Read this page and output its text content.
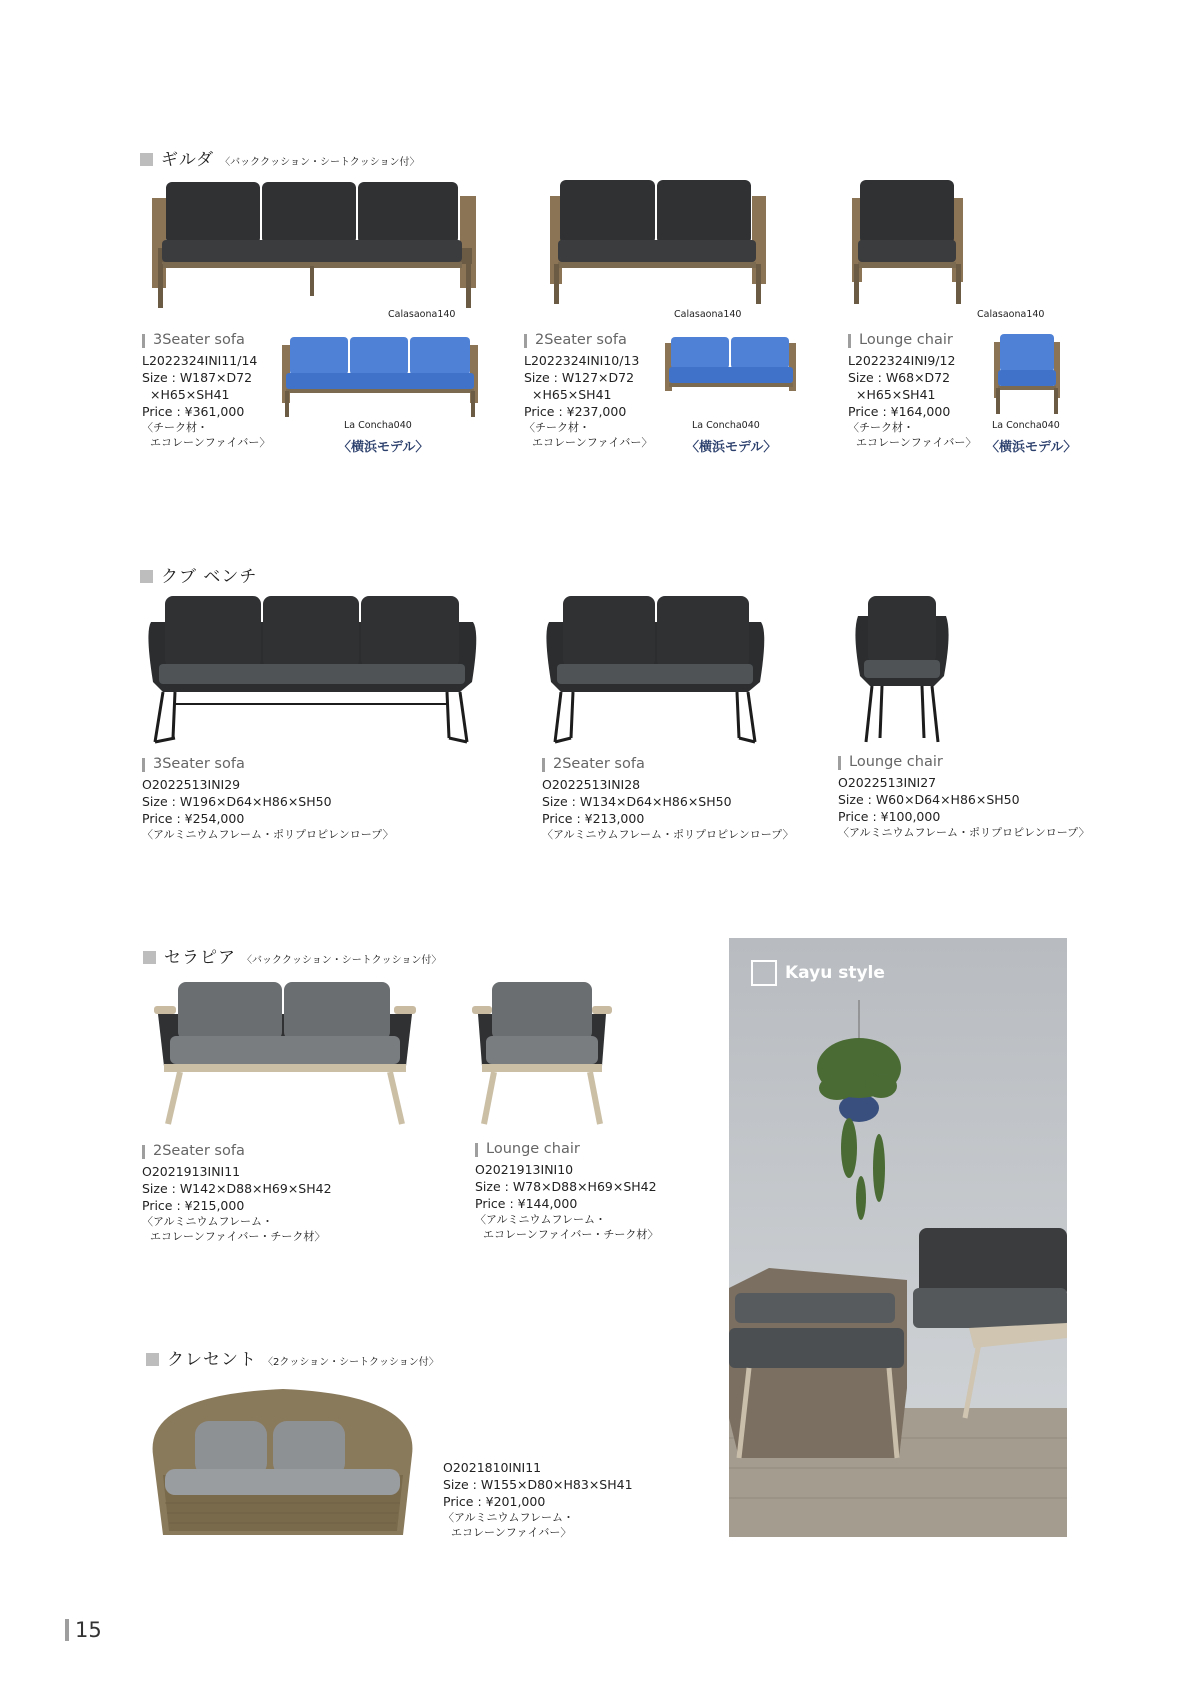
ギルダ 〈バッククッション・シートクッション付〉
Calasaona140	Calasaona140	Calasaona140
3Seater sofa
L2022324INI11/14
Size : W187×D72
×H65×SH41
Price : ¥361,000
〈チーク材・
エコレーンファイバー〉
2Seater sofa
L2022324INI10/13
Size : W127×D72
×H65×SH41
Price : ¥237,000
〈チーク材・
エコレーンファイバー〉
Lounge chair
L2022324INI9/12
Size : W68×D72
×H65×SH41
Price : ¥164,000
〈チーク材・
エコレーンファイバー〉
La Concha040	La Concha040	La Concha040
〈横浜モデル〉	〈横浜モデル〉	〈横浜モデル〉
クブ ベンチ
3Seater sofa
O2022513INI29
Size : W196×D64×H86×SH50
Price : ¥254,000
〈アルミニウムフレーム・ポリプロピレンロープ〉
2Seater sofa
O2022513INI28
Size : W134×D64×H86×SH50
Price : ¥213,000
〈アルミニウムフレーム・ポリプロピレンロープ〉
Lounge chair
O2022513INI27
Size : W60×D64×H86×SH50
Price : ¥100,000
〈アルミニウムフレーム・ポリプロピレンロープ〉
セラピア 〈バッククッション・シートクッション付〉
2Seater sofa
O2021913INI11
Size : W142×D88×H69×SH42
Price : ¥215,000
〈アルミニウムフレーム・
エコレーンファイバー・チーク材〉
Lounge chair
O2021913INI10
Size : W78×D88×H69×SH42
Price : ¥144,000
〈アルミニウムフレーム・
エコレーンファイバー・チーク材〉
クレセント 〈2クッション・シートクッション付〉
O2021810INI11
Size : W155×D80×H83×SH41
Price : ¥201,000
〈アルミニウムフレーム・
エコレーンファイバー〉
Kayu style
15
